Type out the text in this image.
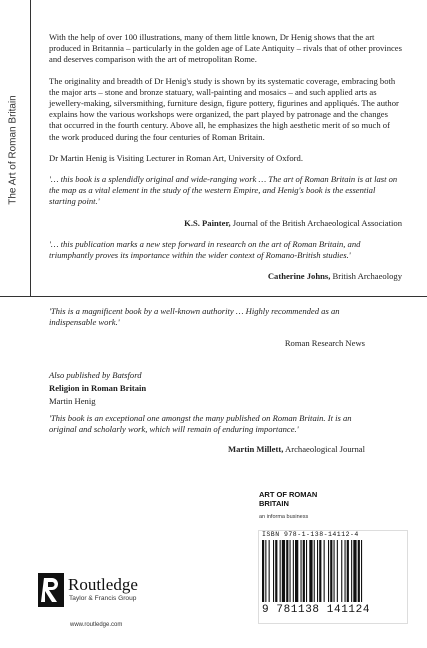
The Art of Roman Britain

With the help of over 100 illustrations, many of them little known, Dr Henig shows that the art produced in Britannia – particularly in the golden age of Late Antiquity – rivals that of other provinces and deserves comparison with the art of metropolitan Rome.

The originality and breadth of Dr Henig's study is shown by its systematic coverage, embracing both the major arts – stone and bronze statuary, wall-painting and mosaics – and such applied arts as jewellery-making, silversmithing, furniture design, figure pottery, figurines and appliqués. The author explains how the various workshops were organized, the part played by patronage and the changes that occurred in the fourth century. Above all, he emphasizes the high aesthetic merit of so much of the work produced during the four centuries of Roman Britain.

Dr Martin Henig is Visiting Lecturer in Roman Art, University of Oxford.

'… this book is a splendidly original and wide-ranging work … The art of Roman Britain is at last on the map as a vital element in the study of the western Empire, and Henig's book is the essential starting point.'

K.S. Painter, Journal of the British Archaeological Association

'… this publication marks a new step forward in research on the art of Roman Britain, and triumphantly proves its importance within the wider context of Romano-British studies.'

Catherine Johns, British Archaeology

'This is a magnificent book by a well-known authority … Highly recommended as an indispensable work.'

Roman Research News

Also published by Batsford

Religion in Roman Britain

Martin Henig

'This book is an exceptional one amongst the many published on Roman Britain. It is an original and scholarly work, which will remain of enduring importance.'

Martin Millett, Archaeological Journal

Routledge
Taylor & Francis Group
www.routledge.com
ART OF ROMAN
BRITAIN
an informa business
ISBN 978-1-138-14112-4
9 781138 141124
